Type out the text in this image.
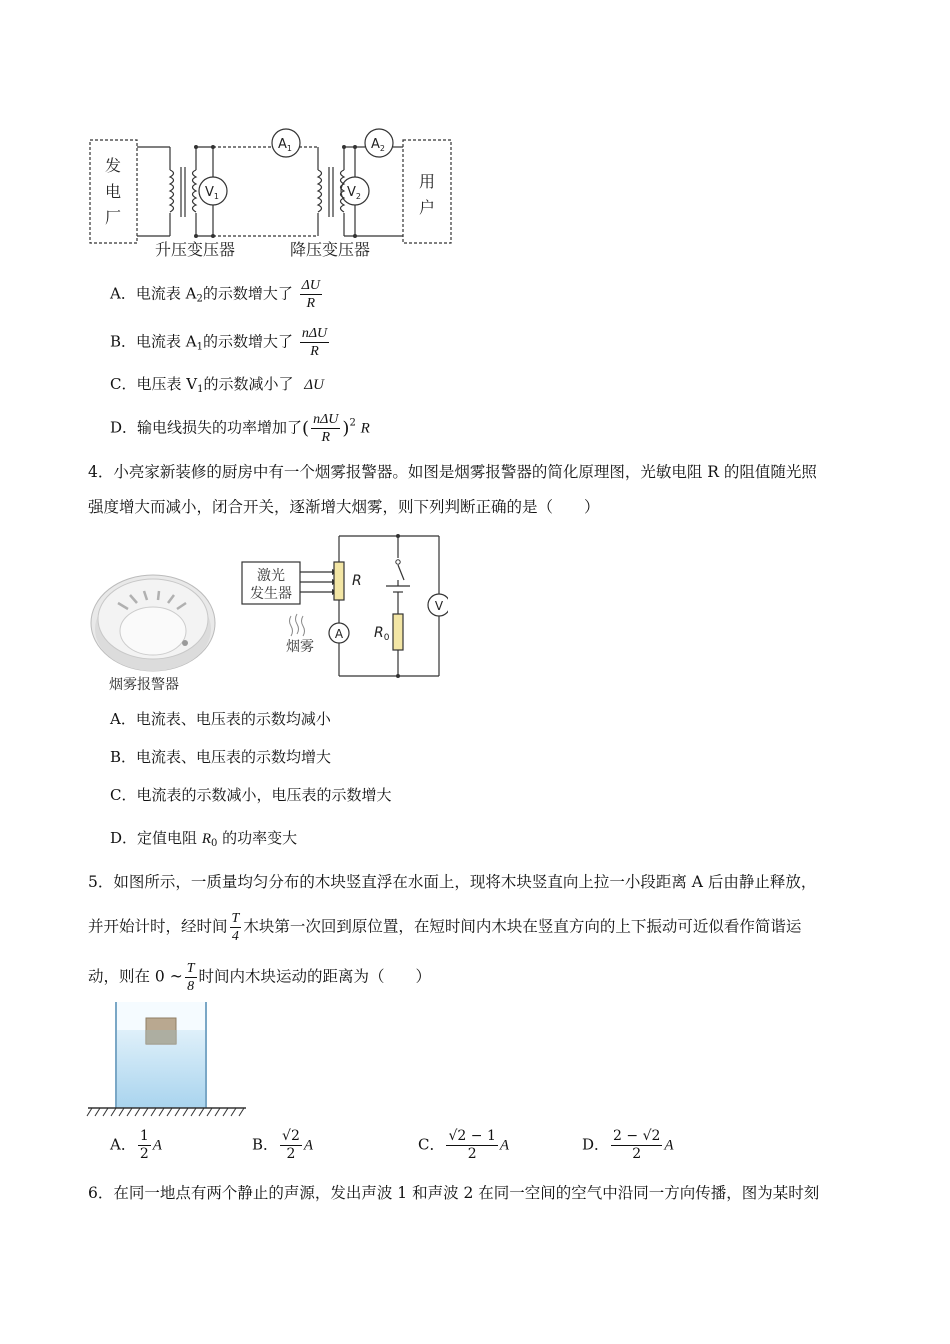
发
电
厂
用
户
升压变压器	降压变压器
$V_1$	$V_2$
$A_1$	$A_2$
A．电流表 $A_2$的示数增大了 $\frac{\Delta U}{R}$
B．电流表 $A_1$的示数增大了 $\frac{\text{nΔU}}{R}$
C．电压表 $V_1$的示数减小了 ΔU
D．输电线损失的功率增加了( $\frac{\text{nΔU}}{R} )^2$ R
4．小亮家新装修的厨房中有一个烟雾报警器。如图是烟雾报警器的简化原理图，光敏电阻 R 的阻值随光照
强度增大而减小，闭合开关，逐渐增大烟雾，则下列判断正确的是（　　）
烟雾报警器
激光
发生器
烟雾
R
$R_0$
A
V
A．电流表、电压表的示数均减小
B．电流表、电压表的示数均增大
C．电流表的示数减小，电压表的示数增大
D．定值电阻 $R_0$ 的功率变大
5．如图所示，一质量均匀分布的木块竖直浮在水面上，现将木块竖直向上拉一小段距离 A 后由静止释放，
并开始计时，经时间 $\frac{T}{4}$ 木块第一次回到原位置，在短时间内木块在竖直方向的上下振动可近似看作简谐运
动，则在 0 ~ $\frac{T}{8}$ 时间内木块运动的距离为（　　）
A． $\frac{1}{2}$ A	B． $\frac{√2}{2}$ A	C． $\frac{√2 - 1}{2}$ A	D． $\frac{2 - √2}{2}$ A
6．在同一地点有两个静止的声源，发出声波 1 和声波 2 在同一空间的空气中沿同一方向传播，图为某时刻
